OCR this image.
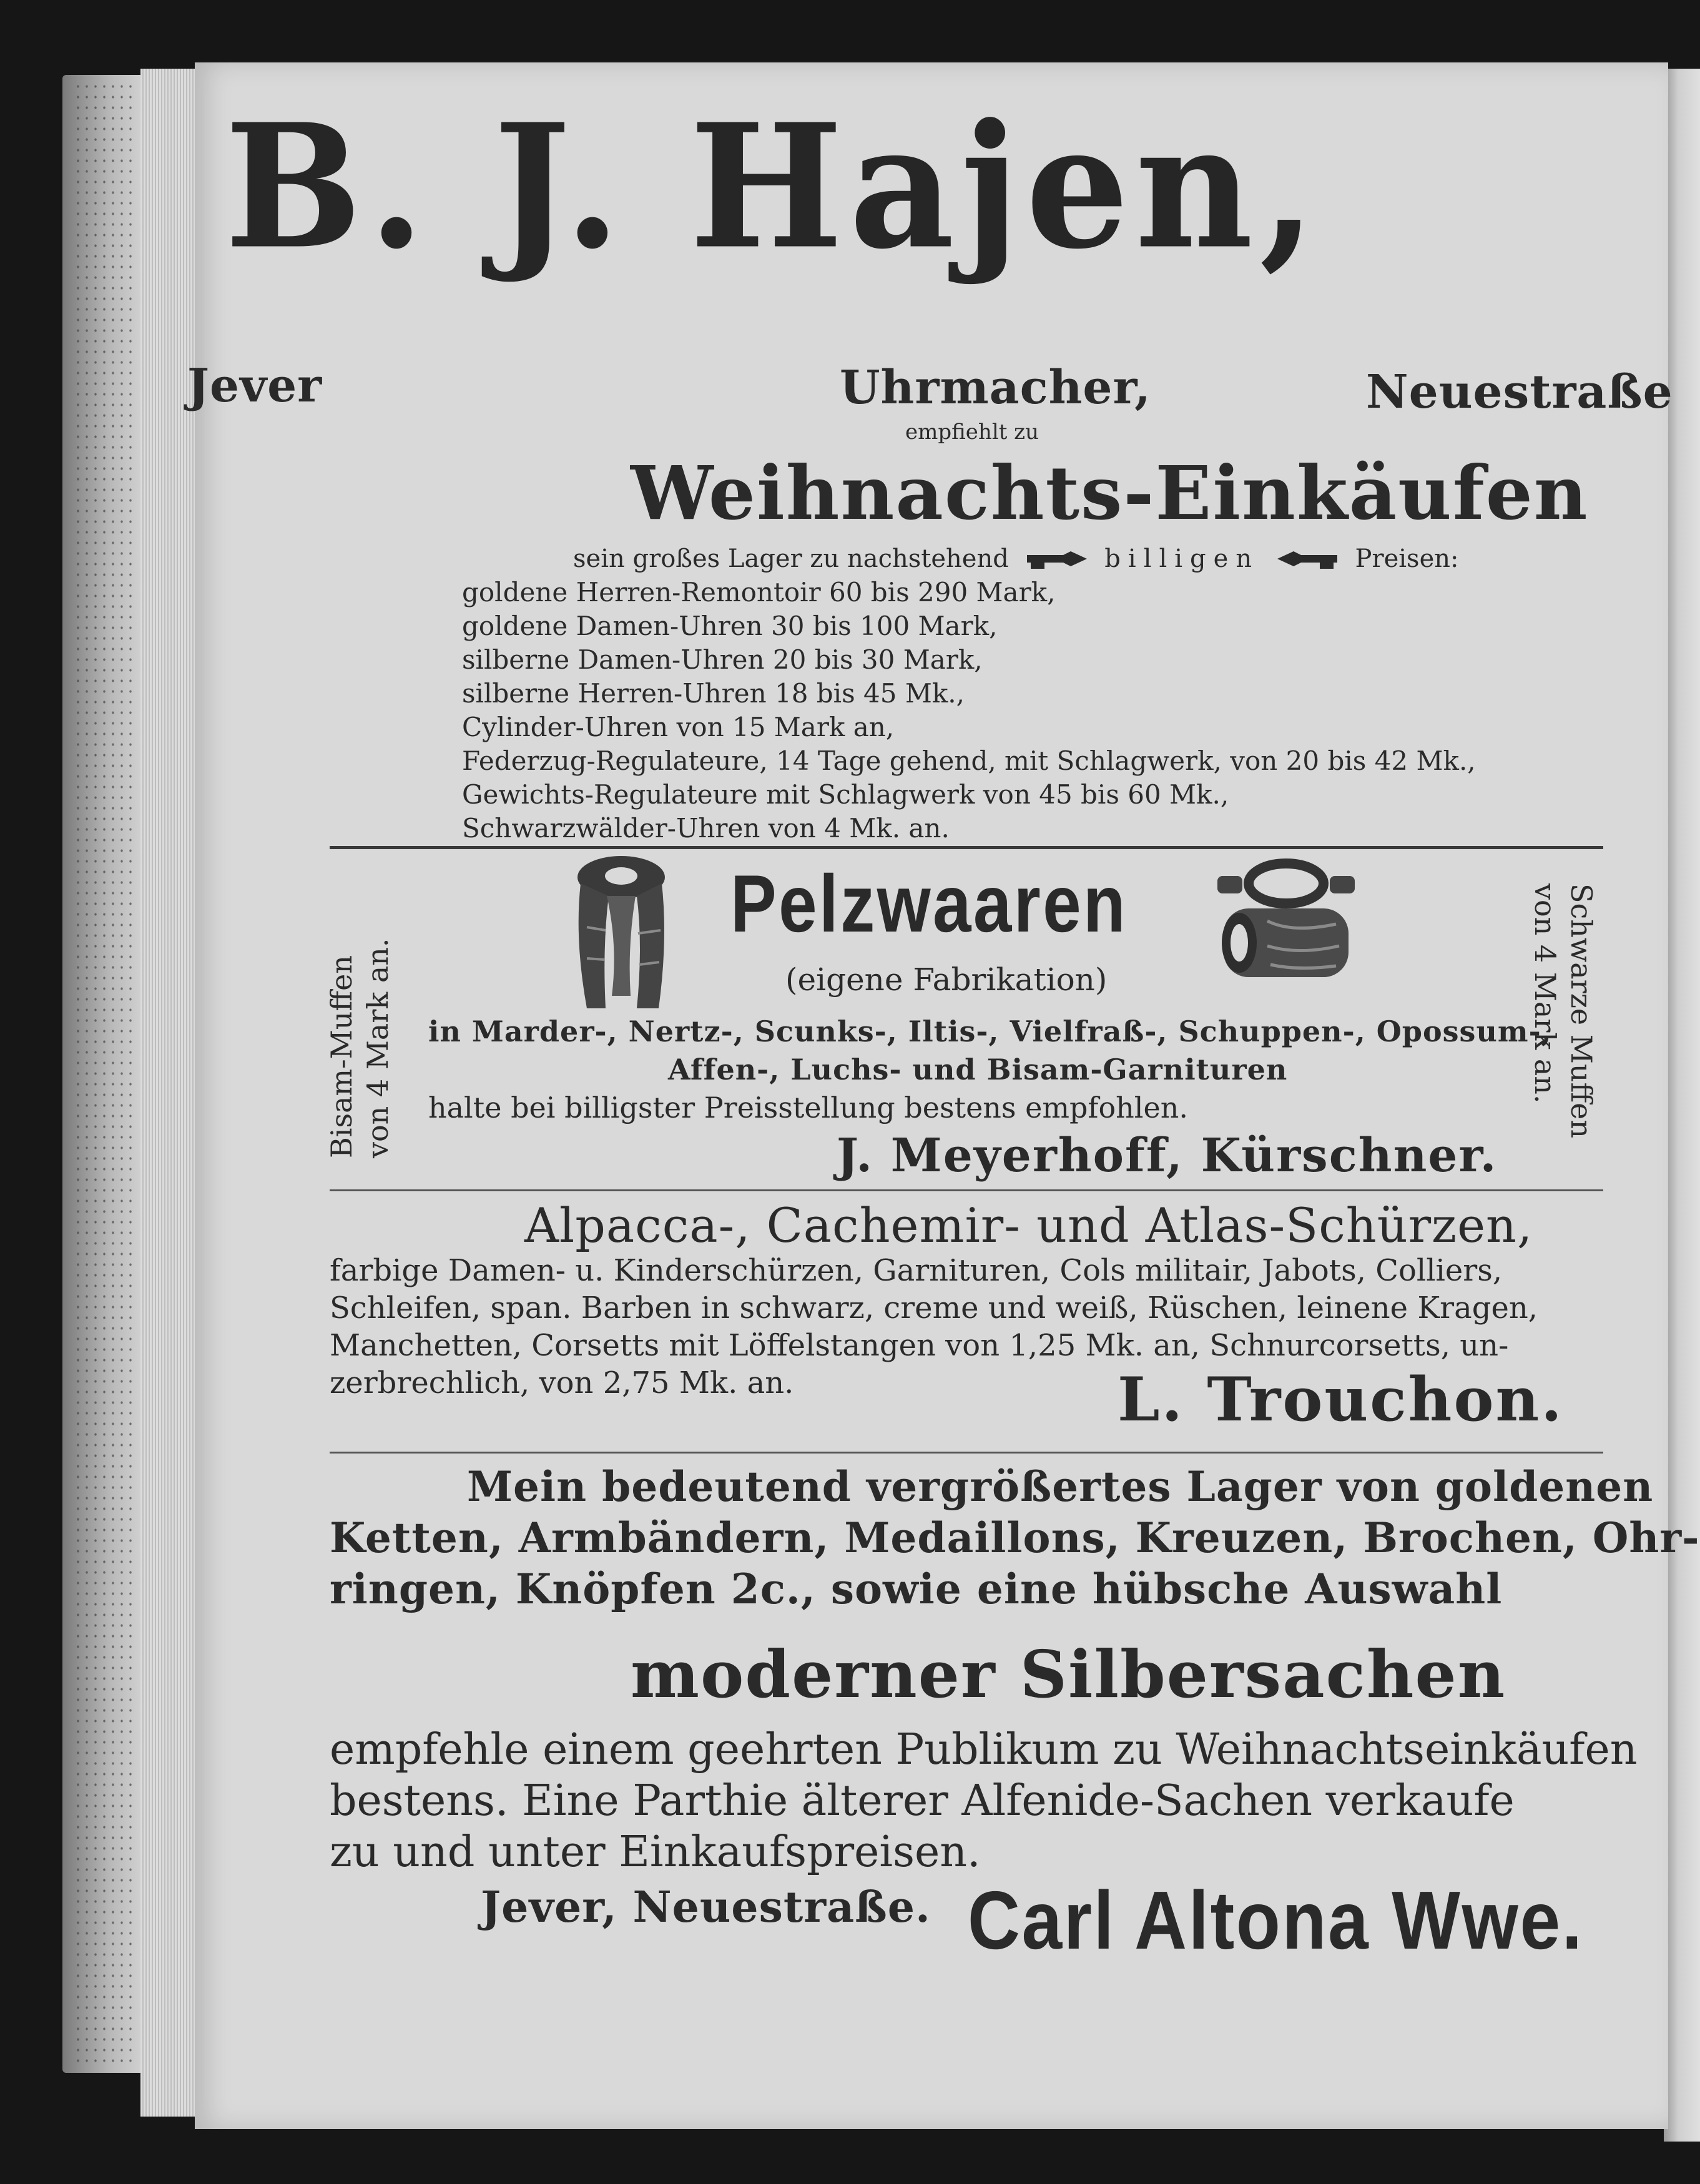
B. J. Hajen,
Jever	Uhrmacher,	Neuestraße
empfiehlt zu
Weihnachts-Einkäufen
sein großes Lager zu nachstehend	billigen	Preisen:
goldene Herren-Remontoir 60 bis 290 Mark,
goldene Damen-Uhren 30 bis 100 Mark,
silberne Damen-Uhren 20 bis 30 Mark,
silberne Herren-Uhren 18 bis 45 Mk.,
Cylinder-Uhren von 15 Mark an,
Federzug-Regulateure, 14 Tage gehend, mit Schlagwerk, von 20 bis 42 Mk.,
Gewichts-Regulateure mit Schlagwerk von 45 bis 60 Mk.,
Schwarzwälder-Uhren von 4 Mk. an.
Pelzwaaren
(eigene Fabrikation)
in Marder-, Nertz-, Scunks-, Iltis-, Vielfraß-, Schuppen-, Opossum-,
Affen-, Luchs- und Bisam-Garnituren
halte bei billigster Preisstellung bestens empfohlen.
J. Meyerhoff, Kürschner.
Bisam-Muffen von 4 Mark an.	Schwarze Muffen
von 4 Mark an.
Alpacca-, Cachemir- und Atlas-Schürzen,
farbige Damen- u. Kinderschürzen, Garnituren, Cols militair, Jabots, Colliers,
Schleifen, span. Barben in schwarz, creme und weiß, Rüschen, leinene Kragen,
Manchetten, Corsetts mit Löffelstangen von 1,25 Mk. an, Schnurcorsetts, un-
zerbrechlich, von 2,75 Mk. an.	L. Trouchon.
Mein bedeutend vergrößertes Lager von goldenen
Ketten, Armbändern, Medaillons, Kreuzen, Brochen, Ohr-
ringen, Knöpfen 2c., sowie eine hübsche Auswahl
moderner Silbersachen
empfehle einem geehrten Publikum zu Weihnachtseinkäufen
bestens. Eine Parthie älterer Alfenide-Sachen verkaufe
zu und unter Einkaufspreisen.
Jever, Neuestraße. Carl Altona Wwe.
